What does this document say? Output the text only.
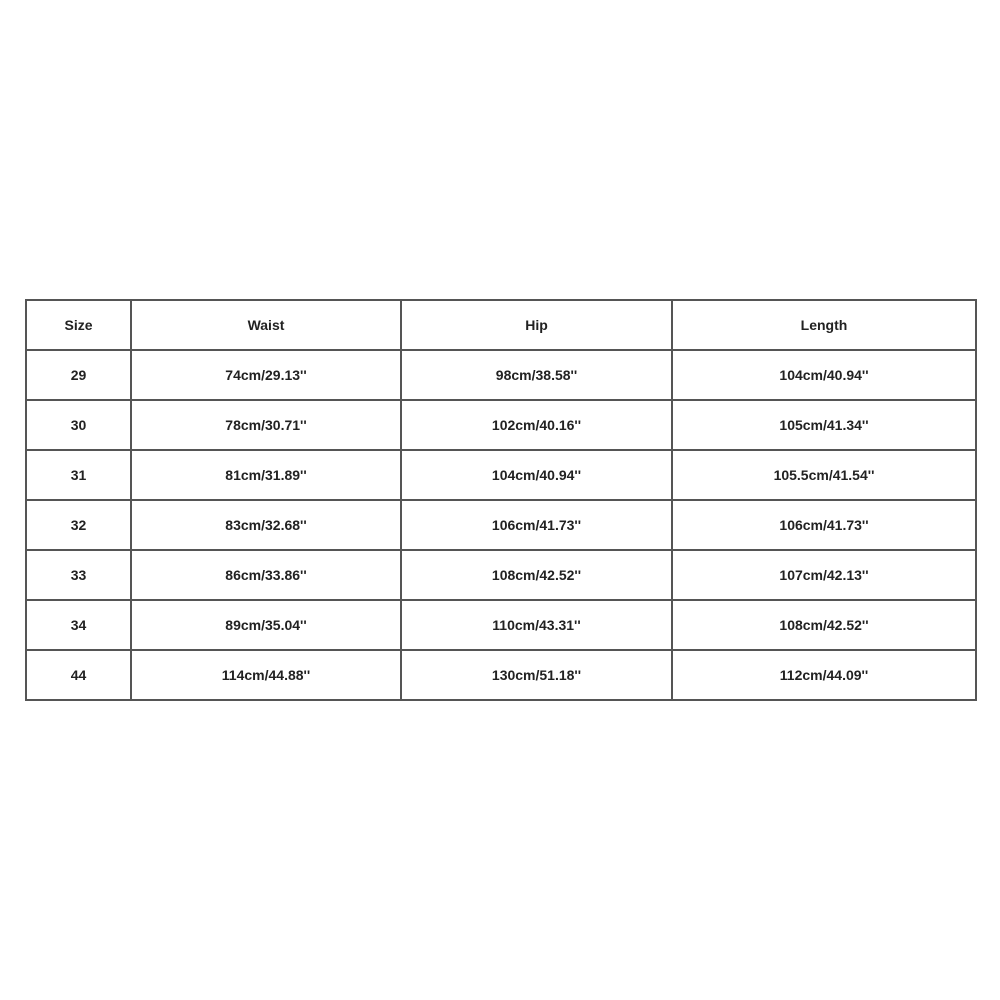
Size	Waist	Hip	Length
29	74cm/29.13''	98cm/38.58''	104cm/40.94''
30	78cm/30.71''	102cm/40.16''	105cm/41.34''
31	81cm/31.89''	104cm/40.94''	105.5cm/41.54''
32	83cm/32.68''	106cm/41.73''	106cm/41.73''
33	86cm/33.86''	108cm/42.52''	107cm/42.13''
34	89cm/35.04''	110cm/43.31''	108cm/42.52''
44	114cm/44.88''	130cm/51.18''	112cm/44.09''
